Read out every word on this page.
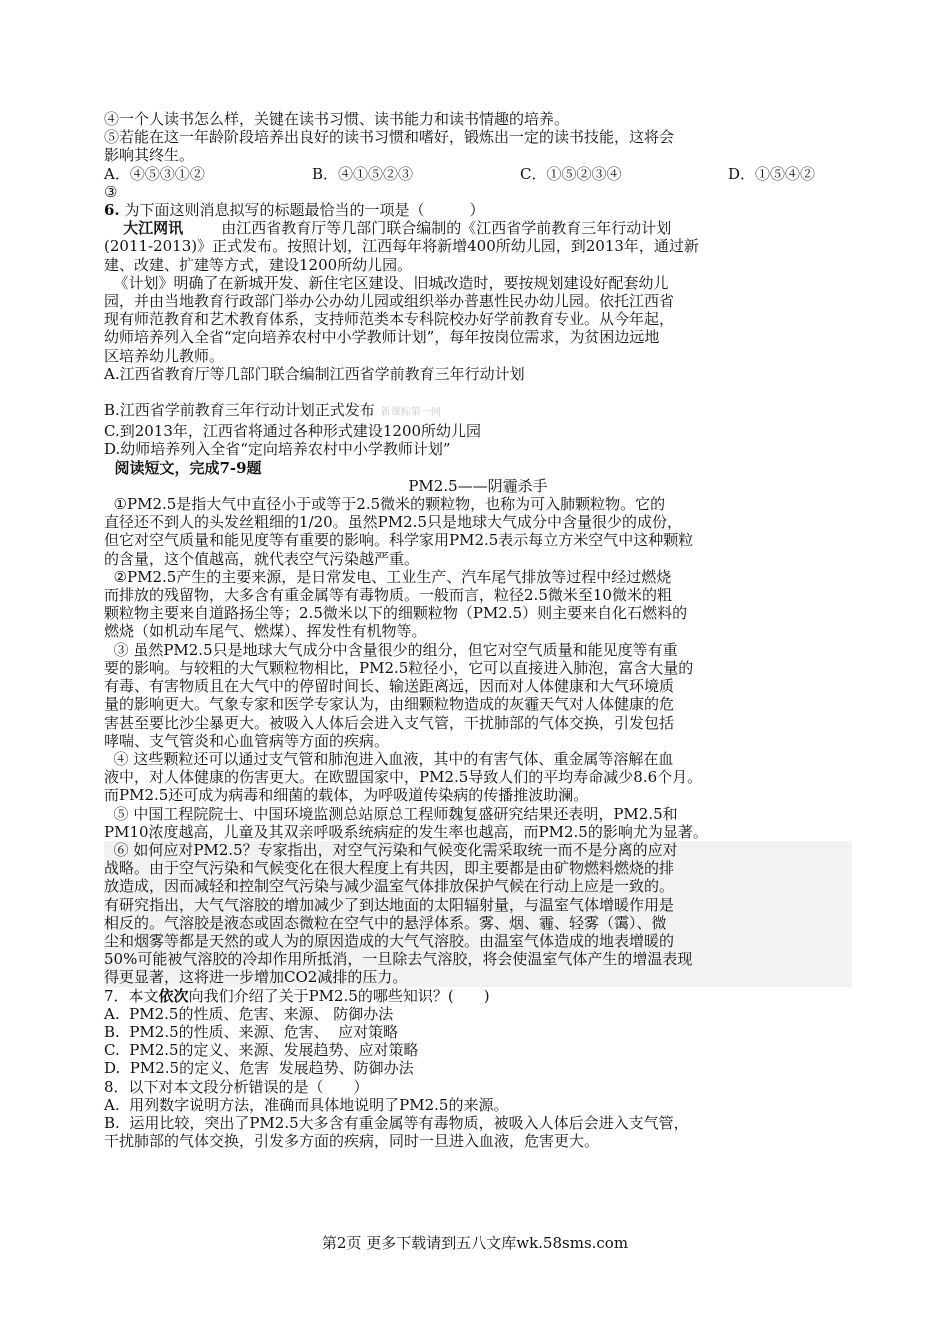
④一个人读书怎么样，关键在读书习惯、读书能力和读书情趣的培养。
⑤若能在这一年龄阶段培养出良好的读书习惯和嗜好，锻炼出一定的读书技能，这将会
影响其终生。
A．④⑤③①②	B．④①⑤②③	C．①⑤②③④	D．①⑤④②
③
6. 为下面这则消息拟写的标题最恰当的一项是（　　　）
大江网讯	由江西省教育厅等几部门联合编制的《江西省学前教育三年行动计划
(2011-2013)》正式发布。按照计划，江西每年将新增400所幼儿园，到2013年，通过新
建、改建、扩建等方式，建设1200所幼儿园。
《计划》明确了在新城开发、新住宅区建设、旧城改造时，要按规划建设好配套幼儿
园，并由当地教育行政部门举办公办幼儿园或组织举办普惠性民办幼儿园。依托江西省
现有师范教育和艺术教育体系，支持师范类本专科院校办好学前教育专业。从今年起，
幼师培养列入全省“定向培养农村中小学教师计划”，每年按岗位需求，为贫困边远地
区培养幼儿教师。
A.江西省教育厅等几部门联合编制江西省学前教育三年行动计划
B.江西省学前教育三年行动计划正式发布 新课标第一网
C.到2013年，江西省将通过各种形式建设1200所幼儿园
D.幼师培养列入全省“定向培养农村中小学教师计划”
阅读短文，完成7-9题
PM2.5——阴霾杀手
①PM2.5是指大气中直径小于或等于2.5微米的颗粒物，也称为可入肺颗粒物。它的
直径还不到人的头发丝粗细的1/20。虽然PM2.5只是地球大气成分中含量很少的成份，
但它对空气质量和能见度等有重要的影响。科学家用PM2.5表示每立方米空气中这种颗粒
的含量，这个值越高，就代表空气污染越严重。
②PM2.5产生的主要来源，是日常发电、工业生产、汽车尾气排放等过程中经过燃烧
而排放的残留物，大多含有重金属等有毒物质。一般而言，粒径2.5微米至10微米的粗
颗粒物主要来自道路扬尘等；2.5微米以下的细颗粒物（PM2.5）则主要来自化石燃料的
燃烧（如机动车尾气、燃煤）、挥发性有机物等。
③ 虽然PM2.5只是地球大气成分中含量很少的组分，但它对空气质量和能见度等有重
要的影响。与较粗的大气颗粒物相比，PM2.5粒径小，它可以直接进入肺泡，富含大量的
有毒、有害物质且在大气中的停留时间长、输送距离远，因而对人体健康和大气环境质
量的影响更大。气象专家和医学专家认为，由细颗粒物造成的灰霾天气对人体健康的危
害甚至要比沙尘暴更大。被吸入人体后会进入支气管，干扰肺部的气体交换，引发包括
哮喘、支气管炎和心血管病等方面的疾病。
④ 这些颗粒还可以通过支气管和肺泡进入血液，其中的有害气体、重金属等溶解在血
液中，对人体健康的伤害更大。在欧盟国家中，PM2.5导致人们的平均寿命减少8.6个月。
而PM2.5还可成为病毒和细菌的载体，为呼吸道传染病的传播推波助澜。
⑤ 中国工程院院士、中国环境监测总站原总工程师魏复盛研究结果还表明，PM2.5和
PM10浓度越高，儿童及其双亲呼吸系统病症的发生率也越高，而PM2.5的影响尤为显著。
⑥ 如何应对PM2.5？专家指出，对空气污染和气候变化需采取统一而不是分离的应对
战略。由于空气污染和气候变化在很大程度上有共因，即主要都是由矿物燃料燃烧的排
放造成，因而减轻和控制空气污染与减少温室气体排放保护气候在行动上应是一致的。
有研究指出，大气气溶胶的增加减少了到达地面的太阳辐射量，与温室气体增暖作用是
相反的。气溶胶是液态或固态微粒在空气中的悬浮体系。雾、烟、霾、轻雾（霭）、微
尘和烟雾等都是天然的或人为的原因造成的大气气溶胶。由温室气体造成的地表增暖的
50%可能被气溶胶的冷却作用所抵消，一旦除去气溶胶，将会使温室气体产生的增温表现
得更显著，这将进一步增加CO2减排的压力。
7．本文依次向我们介绍了关于PM2.5的哪些知识？(　　)
A.  PM2.5的性质、危害、来源、 防御办法
B.  PM2.5的性质、来源、危害、  应对策略
C.  PM2.5的定义、来源、发展趋势、应对策略
D.  PM2.5的定义、危害  发展趋势、防御办法
8．以下对本文段分析错误的是（　　）
A.  用列数字说明方法，准确而具体地说明了PM2.5的来源。
B.  运用比较，突出了PM2.5大多含有重金属等有毒物质，被吸入人体后会进入支气管，
干扰肺部的气体交换，引发多方面的疾病，同时一旦进入血液，危害更大。
第2页 更多下载请到五八文库wk.58sms.com
